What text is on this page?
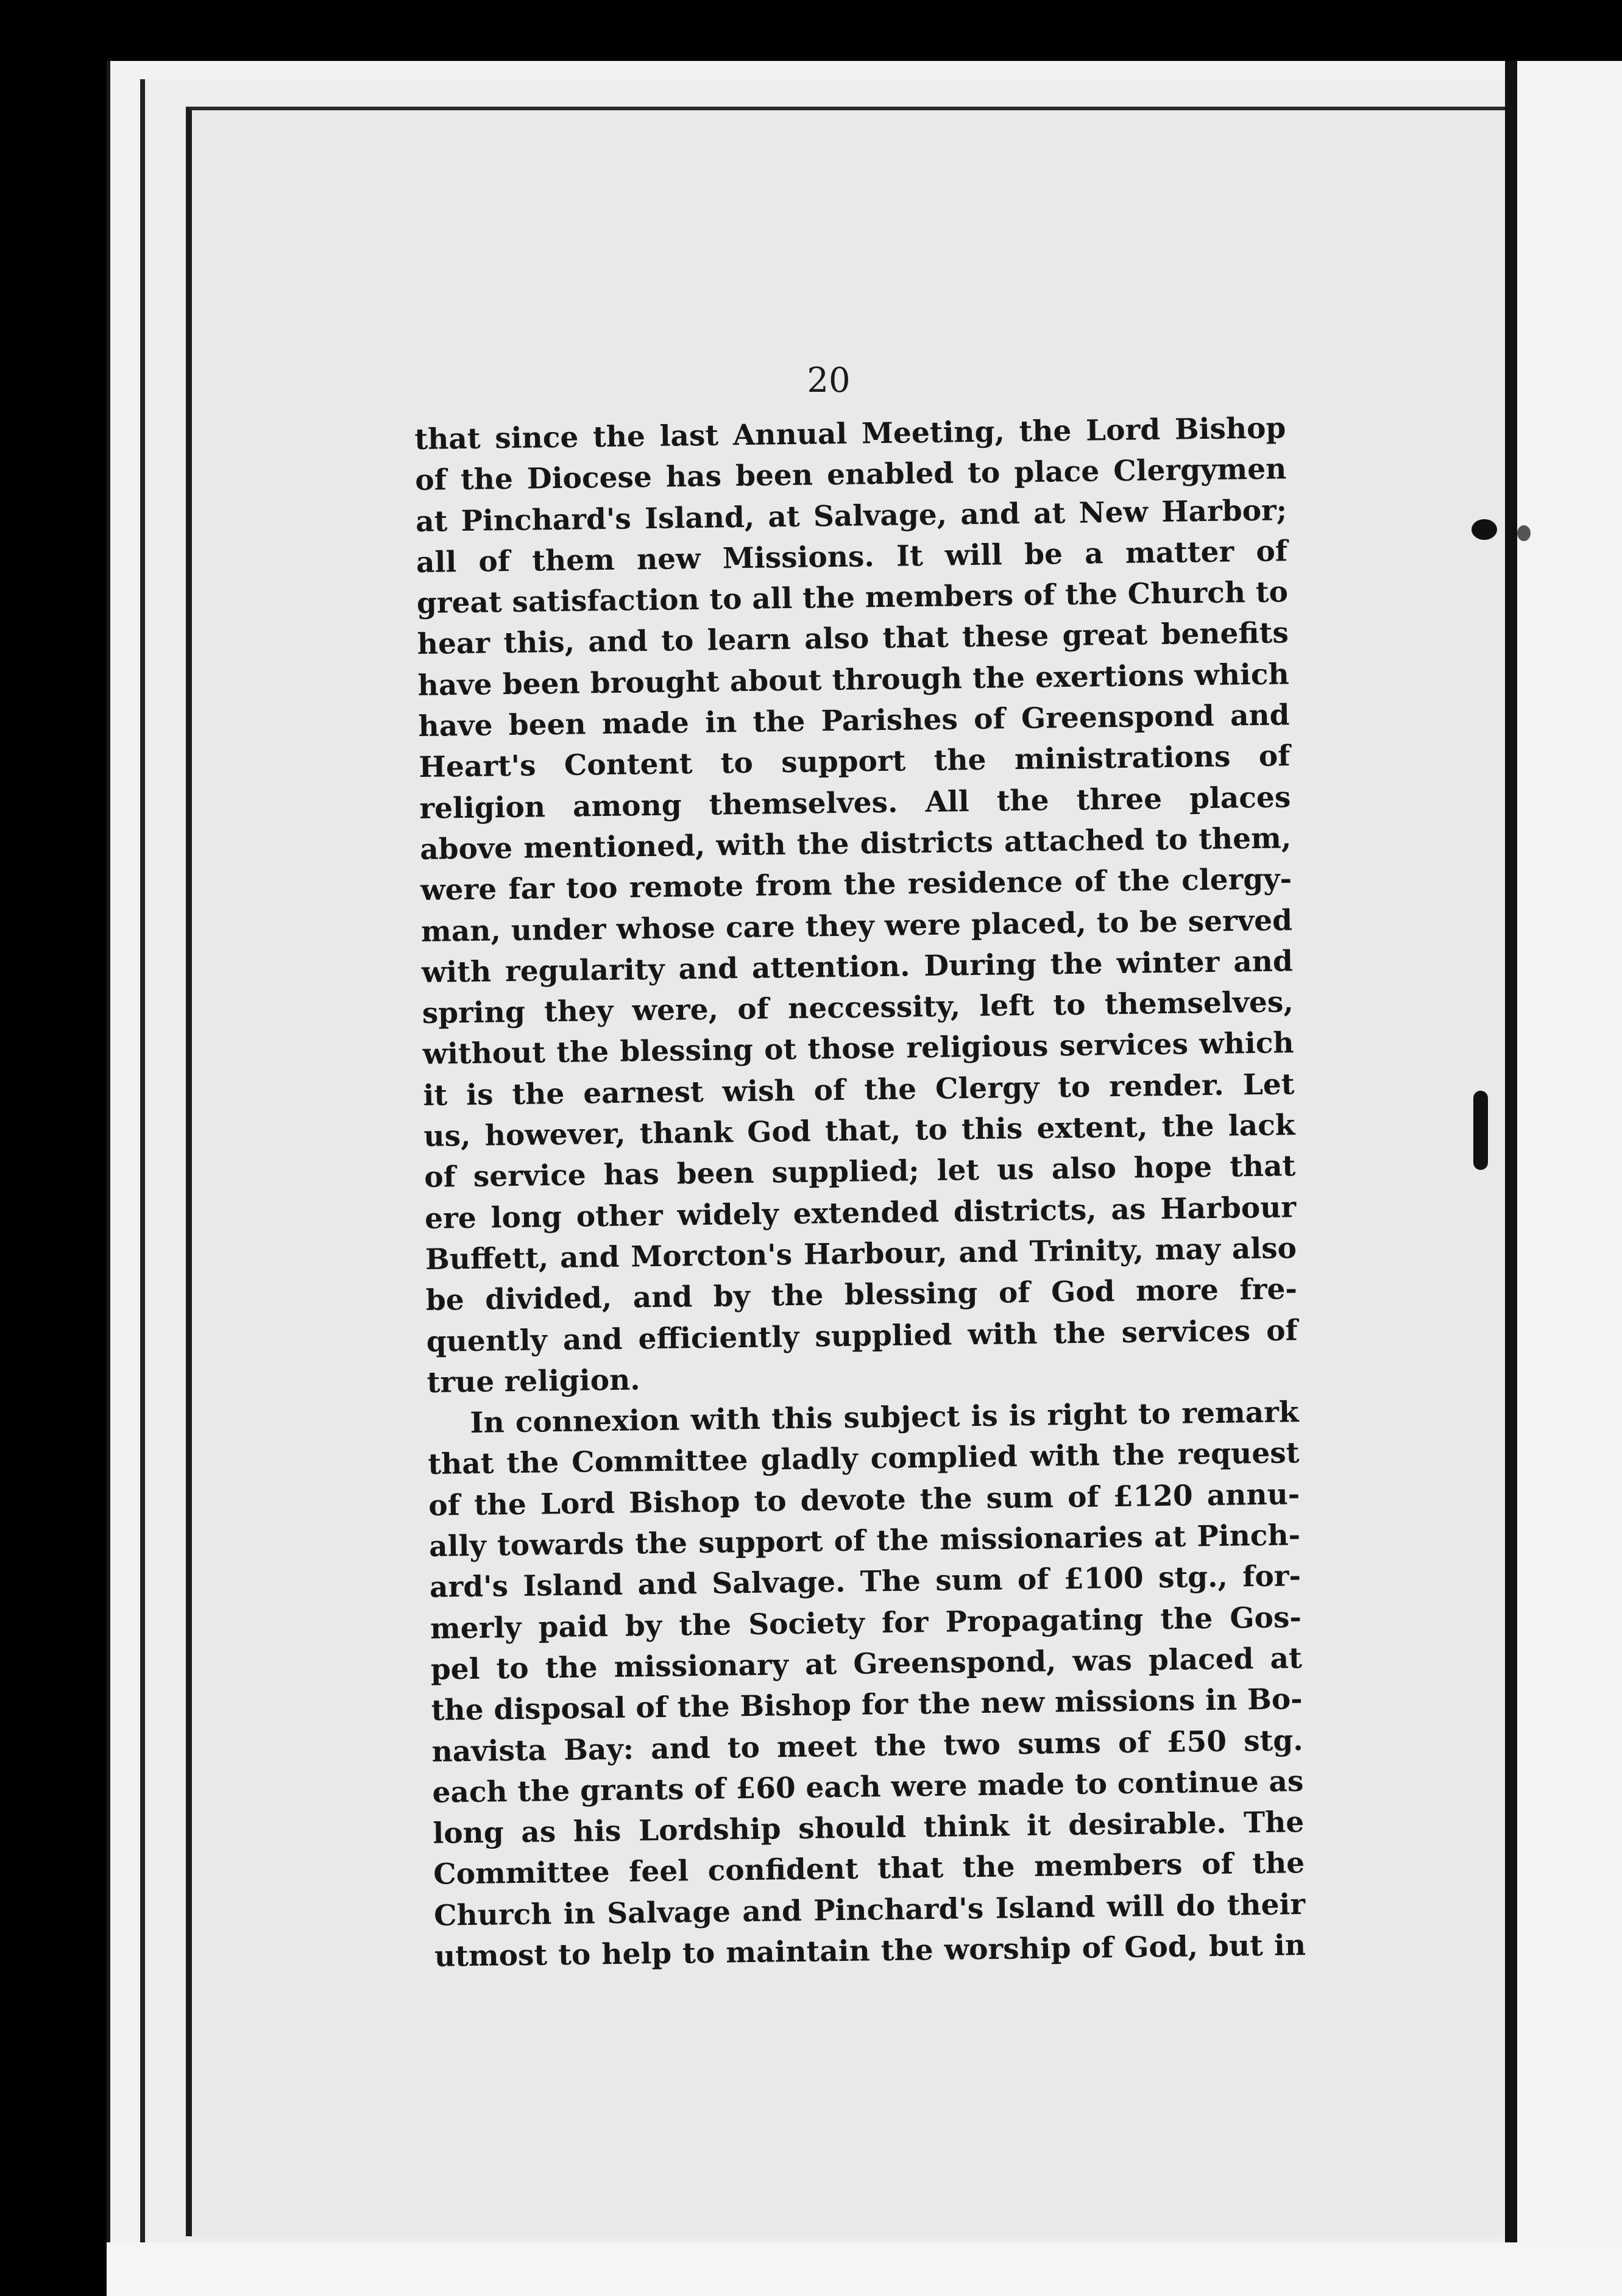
20
that since the last Annual Meeting, the Lord Bishop
of the Diocese has been enabled to place Clergymen
at Pinchard's Island, at Salvage, and at New Harbor;
all of them new Missions. It will be a matter of
great satisfaction to all the members of the Church to
hear this, and to learn also that these great benefits
have been brought about through the exertions which
have been made in the Parishes of Greenspond and
Heart's Content to support the ministrations of
religion among themselves. All the three places
above mentioned, with the districts attached to them,
were far too remote from the residence of the clergy-
man, under whose care they were placed, to be served
with regularity and attention. During the winter and
spring they were, of neccessity, left to themselves,
without the blessing ot those religious services which
it is the earnest wish of the Clergy to render. Let
us, however, thank God that, to this extent, the lack
of service has been supplied; let us also hope that
ere long other widely extended districts, as Harbour
Buffett, and Morcton's Harbour, and Trinity, may also
be divided, and by the blessing of God more fre-
quently and efficiently supplied with the services of
true religion.
In connexion with this subject is is right to remark
that the Committee gladly complied with the request
of the Lord Bishop to devote the sum of £120 annu-
ally towards the support of the missionaries at Pinch-
ard's Island and Salvage. The sum of £100 stg., for-
merly paid by the Society for Propagating the Gos-
pel to the missionary at Greenspond, was placed at
the disposal of the Bishop for the new missions in Bo-
navista Bay: and to meet the two sums of £50 stg.
each the grants of £60 each were made to continue as
long as his Lordship should think it desirable. The
Committee feel confident that the members of the
Church in Salvage and Pinchard's Island will do their
utmost to help to maintain the worship of God, but in
